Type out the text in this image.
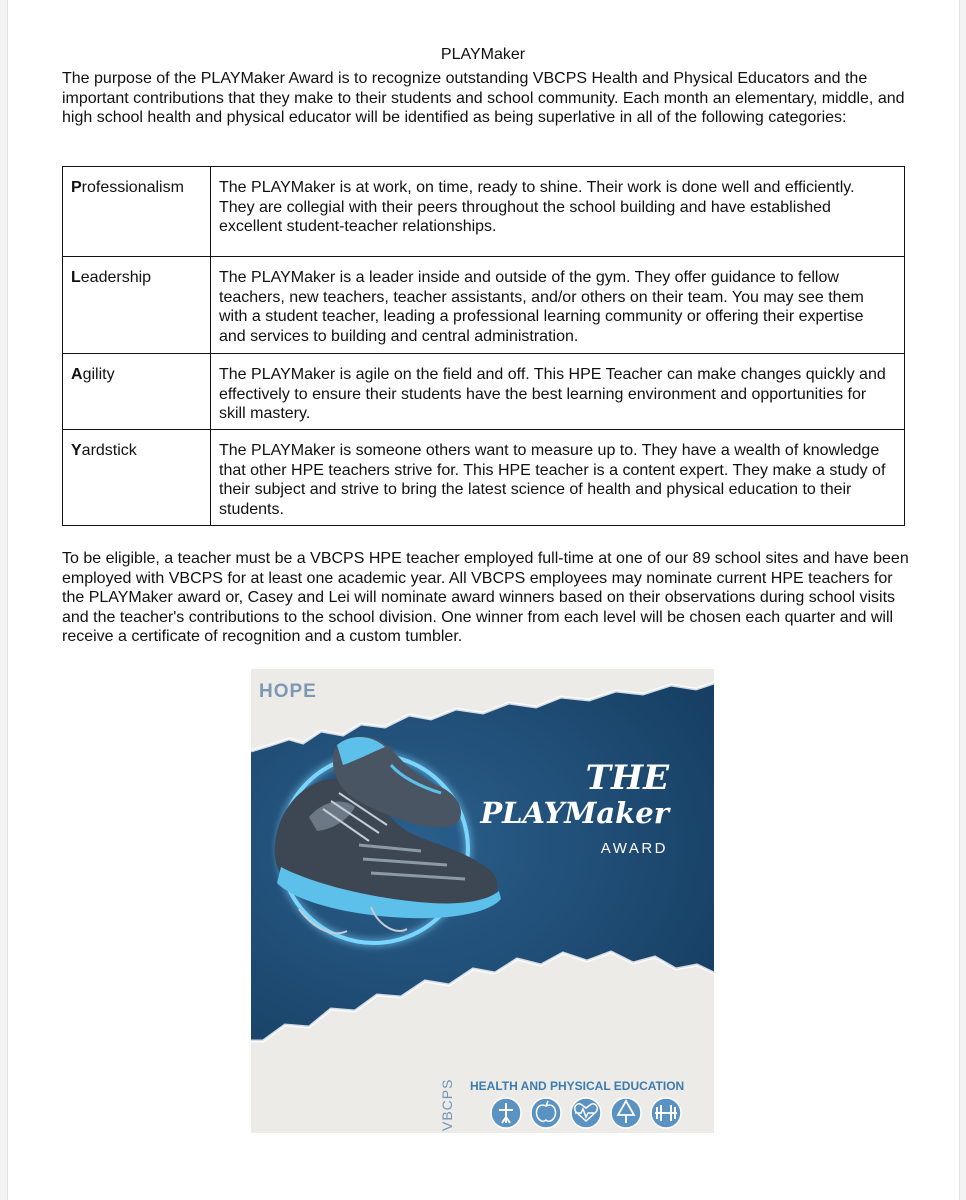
PLAYMaker
The purpose of the PLAYMaker Award is to recognize outstanding VBCPS Health and Physical Educators and the important contributions that they make to their students and school community. Each month an elementary, middle, and high school health and physical educator will be identified as being superlative in all of the following categories:
Professionalism	The PLAYMaker is at work, on time, ready to shine. Their work is done well and efficiently. They are collegial with their peers throughout the school building and have established excellent student-teacher relationships.
Leadership	The PLAYMaker is a leader inside and outside of the gym. They offer guidance to fellow teachers, new teachers, teacher assistants, and/or others on their team. You may see them with a student teacher, leading a professional learning community or offering their expertise and services to building and central administration.
Agility	The PLAYMaker is agile on the field and off. This HPE Teacher can make changes quickly and effectively to ensure their students have the best learning environment and opportunities for skill mastery.
Yardstick	The PLAYMaker is someone others want to measure up to. They have a wealth of knowledge that other HPE teachers strive for. This HPE teacher is a content expert. They make a study of their subject and strive to bring the latest science of health and physical education to their students.
To be eligible, a teacher must be a VBCPS HPE teacher employed full-time at one of our 89 school sites and have been employed with VBCPS for at least one academic year. All VBCPS employees may nominate current HPE teachers for the PLAYMaker award or, Casey and Lei will nominate award winners based on their observations during school visits and the teacher's contributions to the school division. One winner from each level will be chosen each quarter and will receive a certificate of recognition and a custom tumbler.
HOPE
THE
PLAYMaker
AWARD
VBCPS HEALTH AND PHYSICAL EDUCATION
